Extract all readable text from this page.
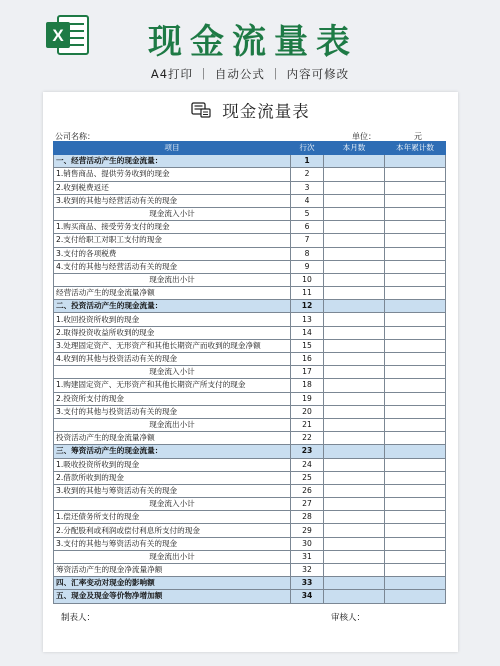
X 现金流量表
A4打印 ｜ 自动公式 ｜ 内容可修改
现金流量表
公司名称：	单位：	元
项目	行次	本月数	本年累计数
一、经营活动产生的现金流量：	1		
1.销售商品、提供劳务收到的现金	2		
2.收到税费返还	3		
3.收到的其他与经营活动有关的现金	4		
现金流入小计	5		
1.购买商品、接受劳务支付的现金	6		
2.支付给职工对职工支付的现金	7		
3.支付的各项税费	8		
4.支付的其他与经营活动有关的现金	9		
现金流出小计	10		
经营活动产生的现金流量净额	11		
二、投资活动产生的现金流量：	12		
1.收回投资所收到的现金	13		
2.取得投资收益所收到的现金	14		
3.处理固定资产、无形资产和其他长期资产而收到的现金净额	15		
4.收到的其他与投资活动有关的现金	16		
现金流入小计	17		
1.购建固定资产、无形资产和其他长期资产所支付的现金	18		
2.投资所支付的现金	19		
3.支付的其他与投资活动有关的现金	20		
现金流出小计	21		
投资活动产生的现金流量净额	22		
三、筹资活动产生的现金流量：	23		
1.吸收投资所收到的现金	24		
2.借款所收到的现金	25		
3.收到的其他与筹资活动有关的现金	26		
现金流入小计	27		
1.偿还债务所支付的现金	28		
2.分配股利或利润或偿付利息所支付的现金	29		
3.支付的其他与筹资活动有关的现金	30		
现金流出小计	31		
筹资活动产生的现金净流量净额	32		
四、汇率变动对现金的影响额	33		
五、现金及现金等价物净增加额	34		
制表人：	审核人：
